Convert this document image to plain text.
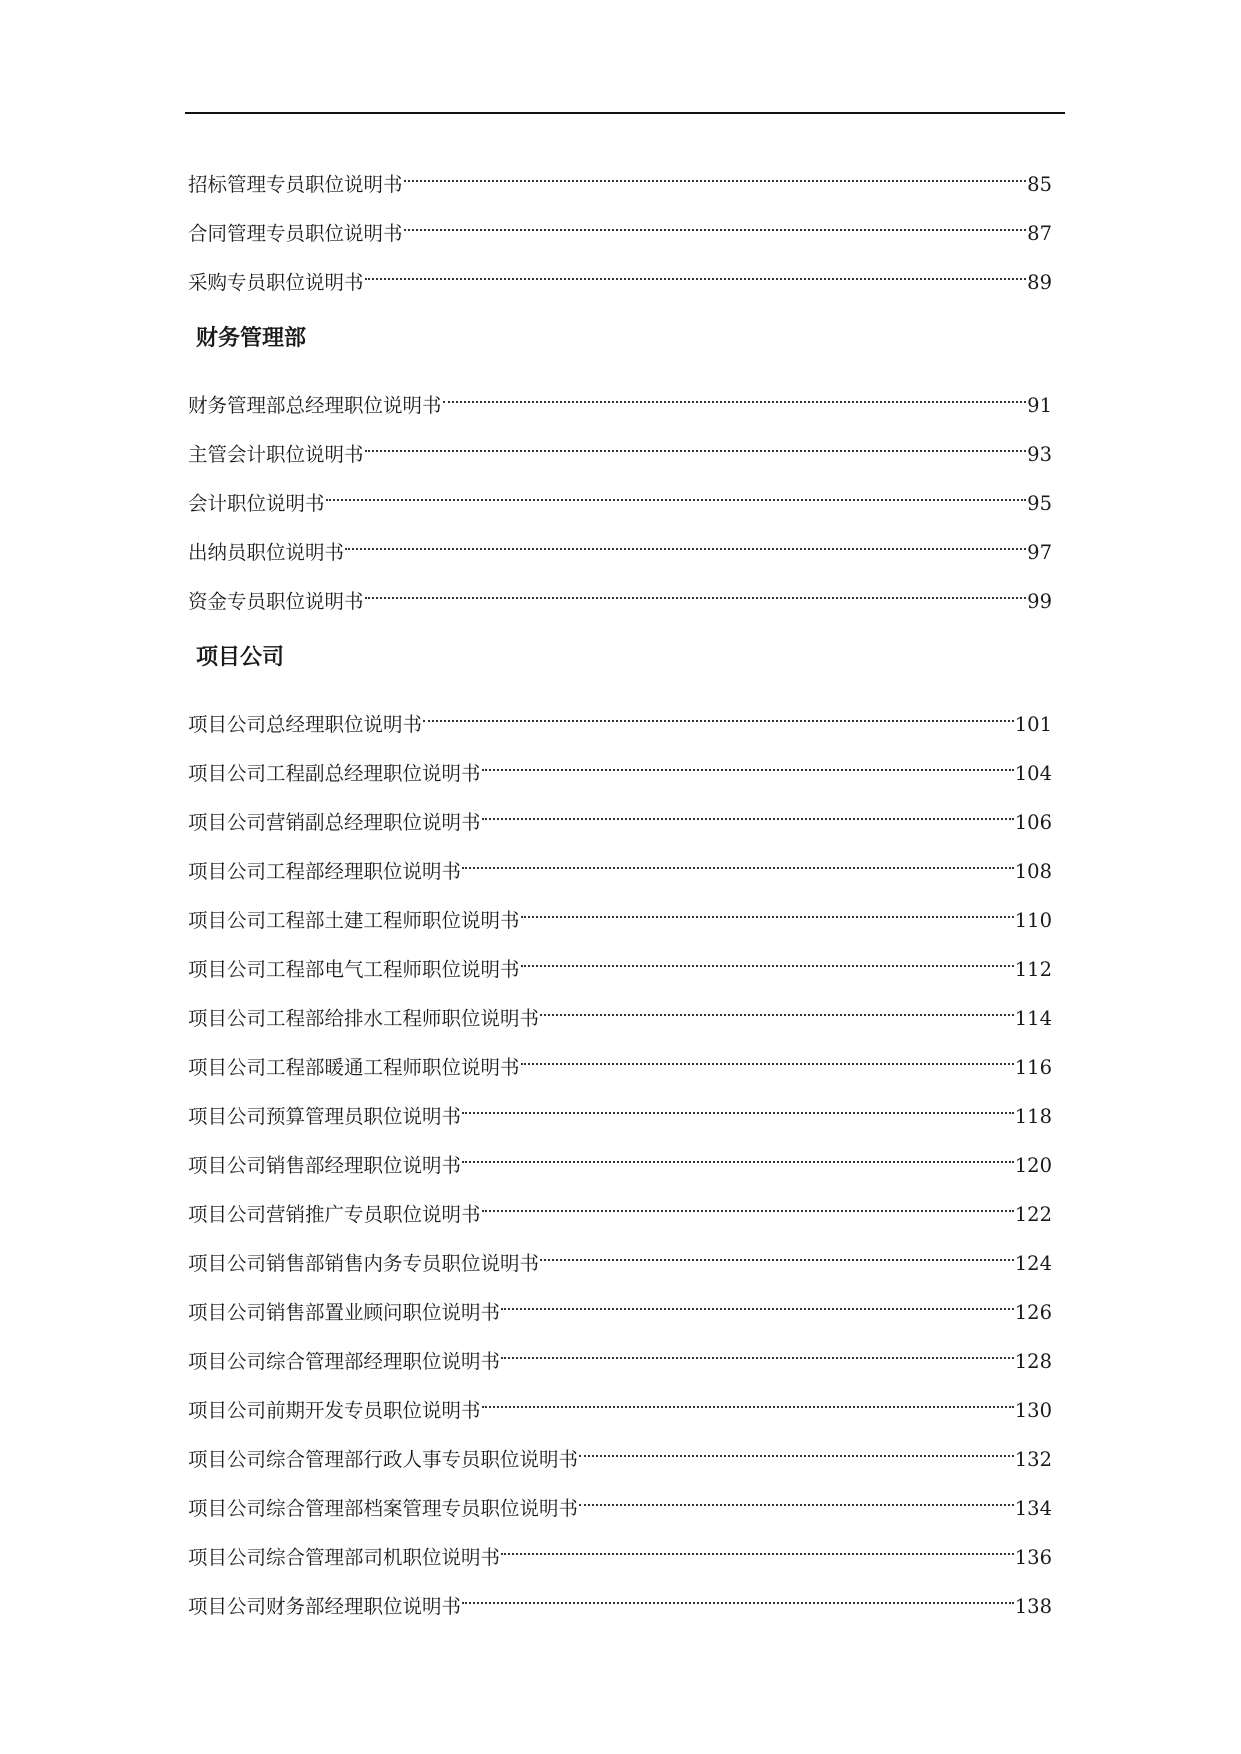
招标管理专员职位说明书	85
合同管理专员职位说明书	87
采购专员职位说明书	89
财务管理部
财务管理部总经理职位说明书	91
主管会计职位说明书	93
会计职位说明书	95
出纳员职位说明书	97
资金专员职位说明书	99
项目公司
项目公司总经理职位说明书	101
项目公司工程副总经理职位说明书	104
项目公司营销副总经理职位说明书	106
项目公司工程部经理职位说明书	108
项目公司工程部土建工程师职位说明书	110
项目公司工程部电气工程师职位说明书	112
项目公司工程部给排水工程师职位说明书	114
项目公司工程部暖通工程师职位说明书	116
项目公司预算管理员职位说明书	118
项目公司销售部经理职位说明书	120
项目公司营销推广专员职位说明书	122
项目公司销售部销售内务专员职位说明书	124
项目公司销售部置业顾问职位说明书	126
项目公司综合管理部经理职位说明书	128
项目公司前期开发专员职位说明书	130
项目公司综合管理部行政人事专员职位说明书	132
项目公司综合管理部档案管理专员职位说明书	134
项目公司综合管理部司机职位说明书	136
项目公司财务部经理职位说明书	138
